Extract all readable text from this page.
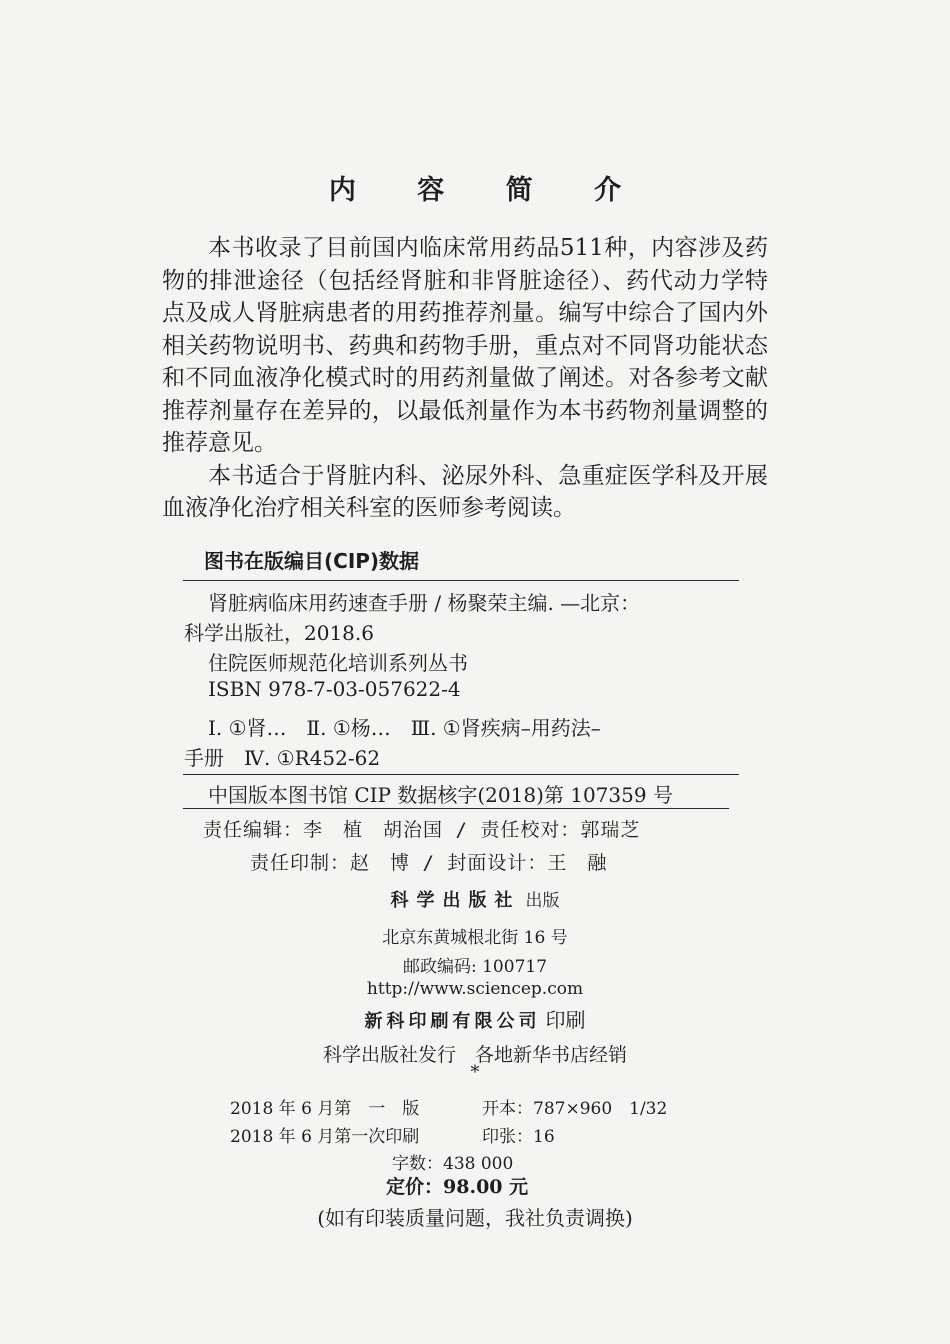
内 容 简 介

本书收录了目前国内临床常用药品511种，内容涉及药物的排泄途径（包括经肾脏和非肾脏途径）、药代动力学特点及成人肾脏病患者的用药推荐剂量。编写中综合了国内外相关药物说明书、药典和药物手册，重点对不同肾功能状态和不同血液净化模式时的用药剂量做了阐述。对各参考文献推荐剂量存在差异的，以最低剂量作为本书药物剂量调整的推荐意见。

本书适合于肾脏内科、泌尿外科、急重症医学科及开展血液净化治疗相关科室的医师参考阅读。

图书在版编目(CIP)数据
肾脏病临床用药速查手册 / 杨聚荣主编. —北京：
科学出版社，2018.6
住院医师规范化培训系列丛书
ISBN 978-7-03-057622-4
Ⅰ. ①肾…　Ⅱ. ①杨…　Ⅲ. ①肾疾病–用药法–
手册　Ⅳ. ①R452-62
中国版本图书馆 CIP 数据核字(2018)第 107359 号
责任编辑：李　植　胡治国 / 责任校对：郭瑞芝
责任印制：赵　博 / 封面设计：王　融
科学出版社 出版
北京东黄城根北街 16 号
邮政编码: 100717
http://www.sciencep.com
新科印刷有限公司 印刷
科学出版社发行　各地新华书店经销
*
2018 年 6 月第　一　版	开本：787×960　1/32
2018 年 6 月第一次印刷	印张：16
字数：438 000
定价：98.00 元
(如有印装质量问题，我社负责调换)
